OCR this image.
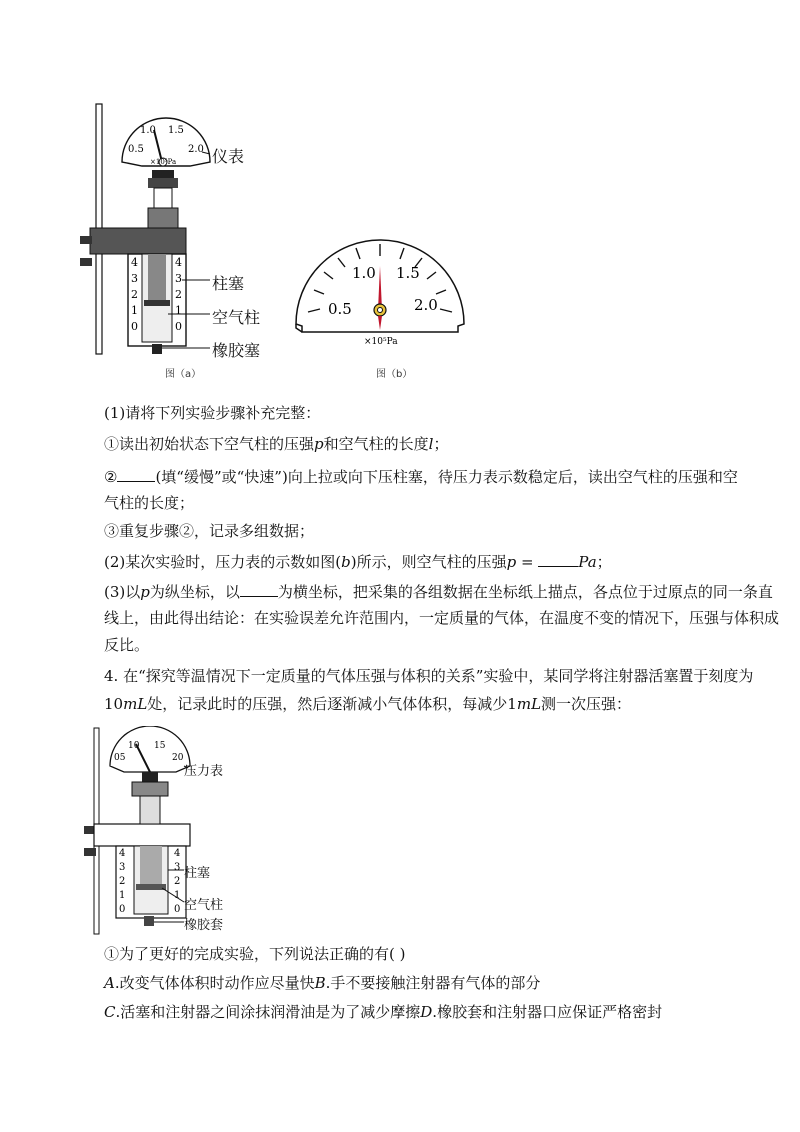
0.5
1.0 1.5
2.0
×10⁵Pa
4
3
2
1
0
4
3
2
1
0
仪表
柱塞
空气柱
橡胶塞
图（a）
0.5
1.0 1.5
2.0
×10⁵Pa
图（b）
(1)请将下列实验步骤补充完整：
①读出初始状态下空气柱的压强p和空气柱的长度l；
②	(填“缓慢”或“快速”)向上拉或向下压柱塞，待压力表示数稳定后，读出空气柱的压强和空
气柱的长度；
③重复步骤②，记录多组数据；
(2)某次实验时，压力表的示数如图(b)所示，则空气柱的压强p =	Pa；
(3)以p为纵坐标，以	为横坐标，把采集的各组数据在坐标纸上描点，各点位于过原点的同一条直
线上，由此得出结论：在实验误差允许范围内，一定质量的气体，在温度不变的情况下，压强与体积成
反比。
4. 在“探究等温情况下一定质量的气体压强与体积的关系”实验中，某同学将注射器活塞置于刻度为
10mL处，记录此时的压强，然后逐渐减小气体体积，每减少1mL测一次压强：
05
10 15
20
4
3
2
1
0
4
3
2
1
0
压力表
柱塞
空气柱
橡胶套
①为了更好的完成实验，下列说法正确的有( )
A.改变气体体积时动作应尽量快B.手不要接触注射器有气体的部分
C.活塞和注射器之间涂抹润滑油是为了减少摩擦D.橡胶套和注射器口应保证严格密封
